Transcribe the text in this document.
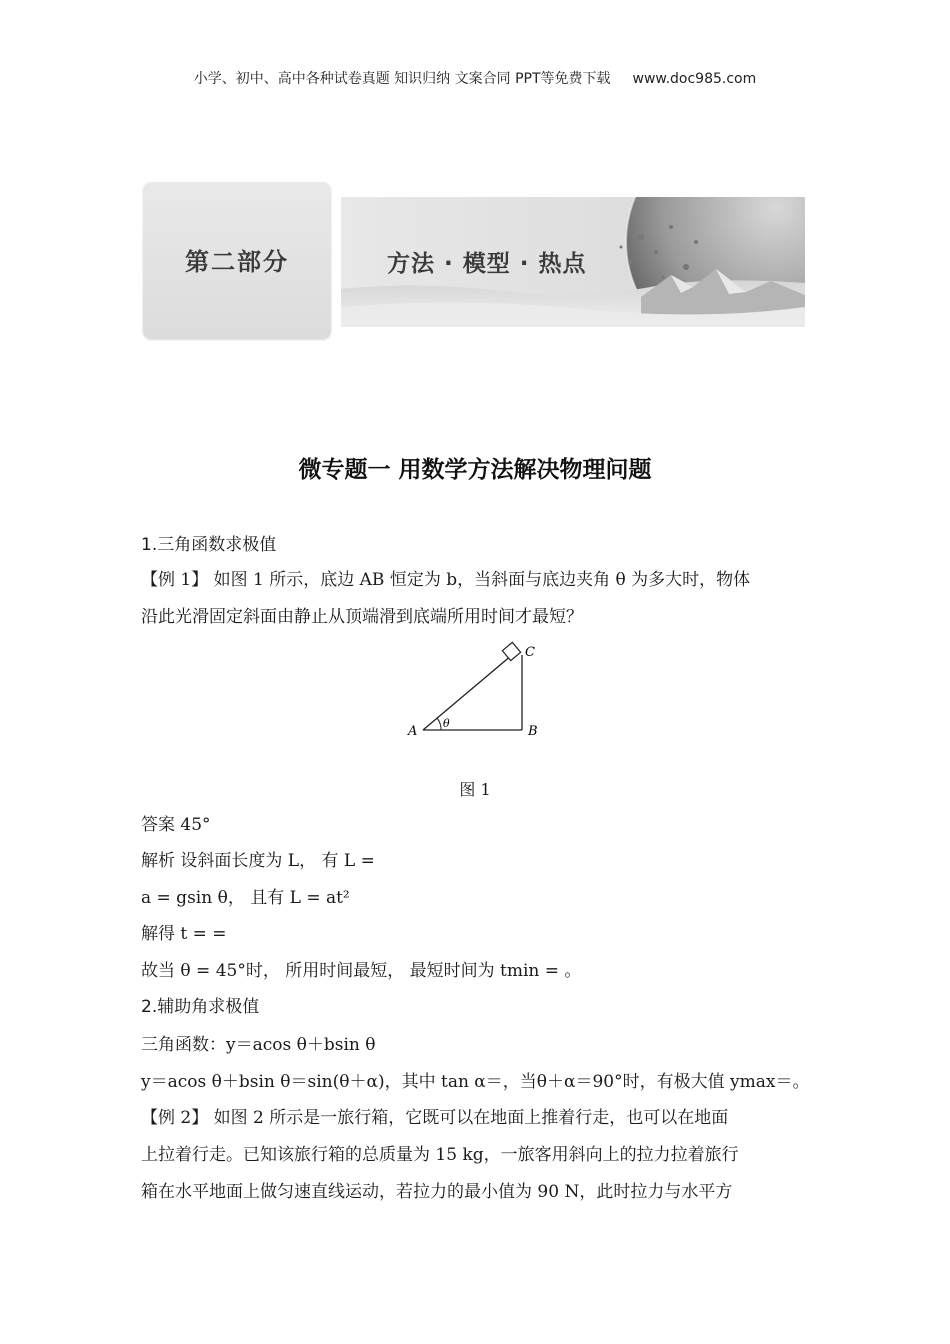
小学、初中、高中各种试卷真题 知识归纳 文案合同 PPT等免费下载 www.doc985.com
第二部分	方法 · 模型 · 热点
微专题一 用数学方法解决物理问题
1.三角函数求极值
【例 1】 如图 1 所示，底边 AB 恒定为 b，当斜面与底边夹角 θ 为多大时，物体
沿此光滑固定斜面由静止从顶端滑到底端所用时间才最短？
A	B
C
θ
图 1
答案 45°
解析 设斜面长度为 L， 有 L =
a = gsin θ， 且有 L = at²
解得 t = =
故当 θ = 45°时， 所用时间最短， 最短时间为 tmin = 。
2.辅助角求极值
三角函数：y＝acos θ＋bsin θ
y＝acos θ＋bsin θ＝sin(θ＋α)，其中 tan α＝，当θ＋α＝90°时，有极大值 ymax＝。
【例 2】 如图 2 所示是一旅行箱，它既可以在地面上推着行走，也可以在地面
上拉着行走。已知该旅行箱的总质量为 15 kg，一旅客用斜向上的拉力拉着旅行
箱在水平地面上做匀速直线运动，若拉力的最小值为 90 N，此时拉力与水平方
